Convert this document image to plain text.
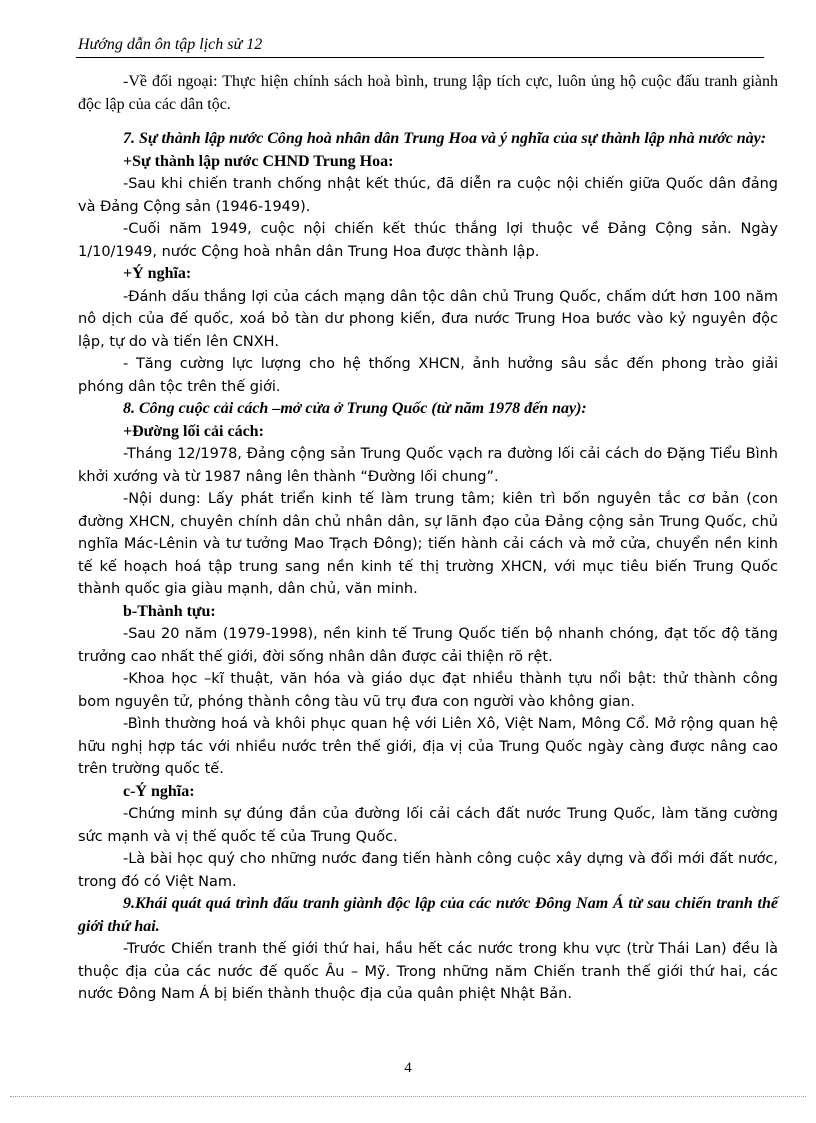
Hướng dẫn ôn tập lịch sử 12

-Về đối ngoại: Thực hiện chính sách hoà bình, trung lập tích cực, luôn ủng hộ cuộc đấu tranh giành độc lập của các dân tộc.

7. Sự thành lập nước Công hoà nhân dân Trung Hoa và ý nghĩa của sự thành lập nhà nước này:

+Sự thành lập nước CHND Trung Hoa:

-Sau khi chiến tranh chống nhật kết thúc, đã diễn ra cuộc nội chiến giữa Quốc dân đảng và Đảng Cộng sản (1946-1949).

-Cuối năm 1949, cuộc nội chiến kết thúc thắng lợi thuộc về Đảng Cộng sản. Ngày 1/10/1949, nước Cộng hoà nhân dân Trung Hoa được thành lập.

+Ý nghĩa:

-Đánh dấu thắng lợi của cách mạng dân tộc dân chủ Trung Quốc, chấm dứt hơn 100 năm nô dịch của đế quốc, xoá bỏ tàn dư phong kiến, đưa nước Trung Hoa bước vào kỷ nguyên độc lập, tự do và tiến lên CNXH.

- Tăng cường lực lượng cho hệ thống XHCN, ảnh hưởng sâu sắc đến phong trào giải phóng dân tộc trên thế giới.

8. Công cuộc cải cách –mở cửa ở Trung Quốc (từ năm 1978 đến nay):

+Đường lối cải cách:

-Tháng 12/1978, Đảng cộng sản Trung Quốc vạch ra đường lối cải cách do Đặng Tiểu Bình khởi xướng và từ 1987 nâng lên thành “Đường lối chung”.

-Nội dung: Lấy phát triển kinh tế làm trung tâm; kiên trì bốn nguyên tắc cơ bản (con đường XHCN, chuyên chính dân chủ nhân dân, sự lãnh đạo của Đảng cộng sản Trung Quốc, chủ nghĩa Mác-Lênin và tư tưởng Mao Trạch Đông); tiến hành cải cách và mở cửa, chuyển nền kinh tế kế hoạch hoá tập trung sang nền kinh tế thị trường XHCN, với mục tiêu biến Trung Quốc thành quốc gia giàu mạnh, dân chủ, văn minh.

b-Thành tựu:

-Sau 20 năm (1979-1998), nền kinh tế Trung Quốc tiến bộ nhanh chóng, đạt tốc độ tăng trưởng cao nhất thế giới, đời sống nhân dân được cải thiện rõ rệt.

-Khoa học –kĩ thuật, văn hóa và giáo dục đạt nhiều thành tựu nổi bật: thử thành công bom nguyên tử, phóng thành công tàu vũ trụ đưa con người vào không gian.

-Bình thường hoá và khôi phục quan hệ với Liên Xô, Việt Nam, Mông Cổ. Mở rộng quan hệ hữu nghị hợp tác với nhiều nước trên thế giới, địa vị của Trung Quốc ngày càng được nâng cao trên trường quốc tế.

c-Ý nghĩa:

-Chứng minh sự đúng đắn của đường lối cải cách đất nước Trung Quốc, làm tăng cường sức mạnh và vị thế quốc tế của Trung Quốc.

-Là bài học quý cho những nước đang tiến hành công cuộc xây dựng và đổi mới đất nước, trong đó có Việt Nam.

9.Khái quát quá trình đấu tranh giành độc lập của các nước Đông Nam Á từ sau chiến tranh thế giới thứ hai.

-Trước Chiến tranh thế giới thứ hai, hầu hết các nước trong khu vực (trừ Thái Lan) đều là thuộc địa của các nước đế quốc Âu – Mỹ. Trong những năm Chiến tranh thế giới thứ hai, các nước Đông Nam Á bị biến thành thuộc địa của quân phiệt Nhật Bản.

4
